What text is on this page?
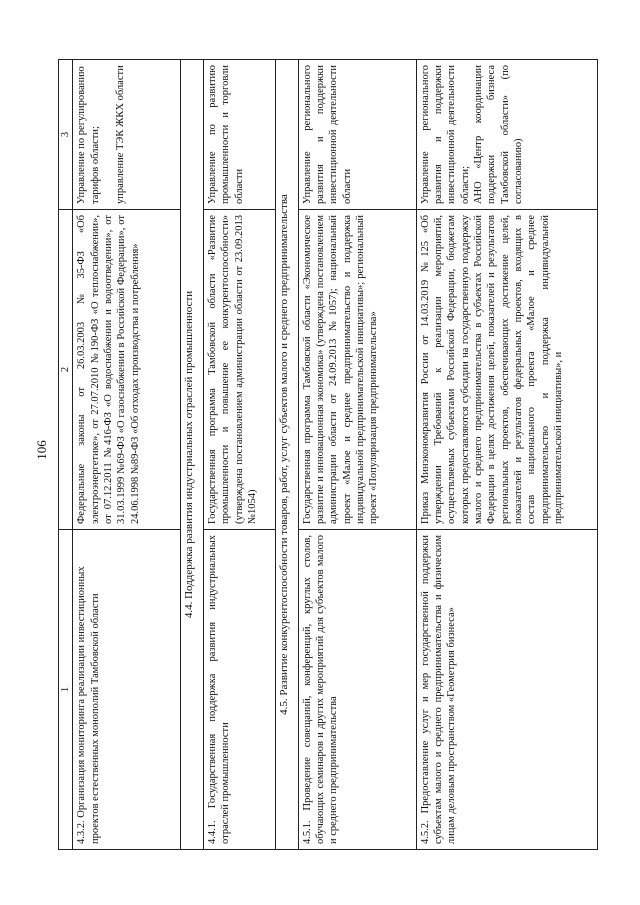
106
1	2	3
4.3.2. Организация мониторинга реализации инвестиционных проектов естественных монополий Тамбовской области	Федеральные законы от 26.03.2003 №35-ФЗ «Об электроэнергетике», от 27.07.2010 №190-ФЗ «О теплоснабжении», от 07.12.2011 №416-ФЗ «О водоснабжении и водоотведении», от 31.03.1999 №69-ФЗ «О газоснабжении в Российской Федерации», от 24.06.1998 №89-ФЗ «Об отходах производства и потребления»	Управление по регулированию тарифов области; управление ТЭК ЖКХ области
4.4. Поддержка развития индустриальных отраслей промышленности		
4.4.1. Государственная поддержка развития индустриальных отраслей промышленности	Государственная программа Тамбовской области «Развитие промышленности и повышение ее конкурентоспособности» (утверждена постановлением администрации области от 23.09.2013 №1054)	Управление по развитию промышленности и торговли области
4.5. Развитие конкурентоспособности товаров, работ, услуг субъектов малого и среднего предпринимательства		
4.5.1. Проведение совещаний, конференций, круглых столов, обучающих семинаров и других мероприятий для субъектов малого и среднего предпринимательства	Государственная программа Тамбовской области «Экономическое развитие и инновационная экономика» (утверждена постановлением администрации области от 24.09.2013 №1057); национальный проект «Малое и среднее предпринимательство и поддержка индивидуальной предпринимательской инициативы»; региональный проект «Популяризация предпринимательства»	Управление регионального развития и поддержки инвестиционной деятельности области
4.5.2. Предоставление услуг и мер государственной поддержки субъектам малого и среднего предпринимательства и физическим лицам деловым пространством «Геометрия бизнеса»	Приказ Минэкономразвития России от 14.03.2019 №125 «Об утверждении Требований к реализации мероприятий, осуществляемых субъектами Российской Федерации, бюджетам которых предоставляются субсидии на государственную поддержку малого и среднего предпринимательства в субъектах Российской Федерации в целях достижения целей, показателей и результатов региональных проектов, обеспечивающих достижение целей, показателей и результатов федеральных проектов, входящих в состав национального проекта «Малое и среднее предпринимательство и поддержка индивидуальной предпринимательской инициативы», и	Управление регионального развития и поддержки инвестиционной деятельности области; АНО «Центр координации поддержки бизнеса Тамбовской области» (по согласованию)
